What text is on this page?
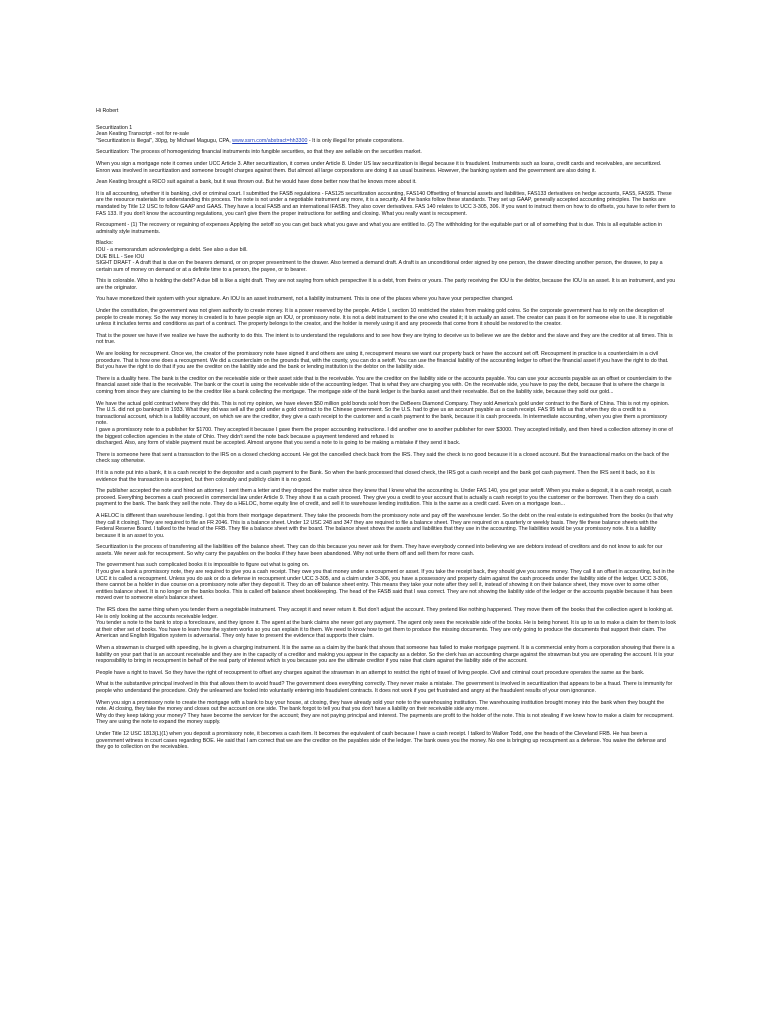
Hi Robert

Securitization 1
Jean Keating Transcript - not for re-sale
"Securitization is Illegal", 30pg, by Michael Magugu, CPA, www.ssrn.com/abstract=hh3300 - It is only illegal for private corporations.

Securitization: The process of homogenizing financial instruments into fungible securities, so that they are sellable on the securities market.

When you sign a mortgage note it comes under UCC Article 3. After securitization, it comes under Article 8. Under US law securitization is illegal because it is fraudulent. Instruments such as loans, credit cards and receivables, are securitized. Enron was involved in securitization and someone brought charges against them. But almost all large corporations are doing it as usual business. However, the banking system and the government are also doing it.

Jean Keating brought a RICO suit against a bank, but it was thrown out. But he would have done better now that he knows more about it.

It is all accounting, whether it is banking, civil or criminal court. I submitted the FASB regulations - FAS125 securitization accounting, FAS140 Offsetting of financial assets and liabilities, FAS133 derivatives on hedge accounts, FAS5, FAS95. These are the resource materials for understanding this process. The note is not under a negotiable instrument any more, it is a security. All the banks follow these standards. They set up GAAP, generally accepted accounting principles. The banks are mandated by Title 12 USC to follow GAAP and GAAS. They have a local FASB and an international IFASB. They also cover derivatives. FAS 140 relates to UCC 3-305, 306. If you want to instruct them on how to do offsets, you have to refer them to FAS 133. If you don't know the accounting regulations, you can't give them the proper instructions for settling and closing. What you really want is recoupment.

Recoupment - (1) The recovery or regaining of expenses Applying the setoff so you can get back what you gave and what you are entitled to. (2) The withholding for the equitable part or all of something that is due. This is all equitable action in admiralty style instruments.

Blacks:
IOU - a memorandum acknowledging a debt. See also a due bill.
DUE BILL - See IOU
SIGHT DRAFT - A draft that is due on the bearers demand, or on proper presentment to the drawer. Also termed a demand draft. A draft is an unconditional order signed by one person, the drawer directing another person, the drawee, to pay a certain sum of money on demand or at a definite time to a person, the payee, or to bearer.

This is colorable. Who is holding the debt? A due bill is like a sight draft. They are not saying from which perspective it is a debt, from theirs or yours. The party receiving the IOU is the debtor, because the IOU is an asset. It is an instrument, and you are the originator.

You have monetized their system with your signature. An IOU is an asset instrument, not a liability instrument. This is one of the places where you have your perspective changed.

Under the constitution, the government was not given authority to create money. It is a power reserved by the people. Article I, section 10 restricted the states from making gold coins. So the corporate government has to rely on the deception of people to create money. So the way money is created is to have people sign an IOU, or promissory note. It is not a debt instrument to the one who created it; it is actually an asset. The creator can pass it on for someone else to use. It is negotiable unless it includes terms and conditions as part of a contract. The property belongs to the creator, and the holder is merely using it and any proceeds that come from it should be restored to the creator.

That is the power we have if we realize we have the authority to do this. The intent is to understand the regulations and to see how they are trying to deceive us to believe we are the debtor and the slave and they are the creditor at all times. This is not true.

We are looking for recoupment. Once we, the creator of the promissory note have signed it and others are using it, recoupment means we want our property back or have the account set off. Recoupment in practice is a counterclaim in a civil procedure. That is how one does a recoupment. We did a counterclaim on the grounds that, with the county, you can do a setoff. You can use the financial liability of the accounting ledger to offset the financial asset if you have the right to do that. But you have the right to do that if you are the creditor on the liability side and the bank or lending institution is the debtor on the liability side.

There is a duality here. The bank is the creditor on the receivable side or their asset side that is the receivable. You are the creditor on the liability side or the accounts payable. You can use your accounts payable as an offset or counterclaim to the financial asset side that is the receivable. The bank or the court is using the receivable side of the accounting ledger. That is what they are charging you with. On the receivable side, you have to pay the debt, because that is where the charge is coming from since they are claiming to be the creditor like a bank collecting the mortgage. The mortgage side of the bank ledger is the banks asset and their receivable. But on the liability side, because they sold our gold...

We have the actual gold contract where they did this. This is not my opinion, we have eleven $50 million gold bonds sold from the DeBeers Diamond Company. They sold America's gold under contract to the Bank of China. This is not my opinion. The U.S. did not go bankrupt in 1933. What they did was sell all the gold under a gold contract to the Chinese government. So the U.S. had to give us an account payable as a cash receipt. FAS 95 tells us that when they do a credit to a transactional account, which is a liability account, on which we are the creditor, they give a cash receipt to the customer and a cash payment to the bank, because it is cash proceeds. In intermediate accounting, when you give them a promissory note.
I gave a promissory note to a publisher for $1700. They accepted it because I gave them the proper accounting instructions. I did another one to another publisher for over $3000. They accepted initially, and then hired a collection attorney in one of the biggest collection agencies in the state of Ohio. They didn't send the note back because a payment tendered and refused is
discharged. Also, any form of viable payment must be accepted. Almost anyone that you send a note to is going to be making a mistake if they send it back.

There is someone here that sent a transaction to the IRS on a closed checking account. He got the cancelled check back from the IRS. They said the check is no good because it is a closed account. But the transactional marks on the back of the check say otherwise.

If it is a note put into a bank, it is a cash receipt to the depositor and a cash payment to the Bank. So when the bank processed that closed check, the IRS got a cash receipt and the bank got cash payment. Then the IRS sent it back, so it is evidence that the transaction is accepted, but then colorably and publicly claim it is no good.

The publisher accepted the note and hired an attorney. I sent them a letter and they dropped the matter since they knew that I knew what the accounting is. Under FAS 140, you get your setoff. When you make a deposit, it is a cash receipt, a cash proceed. Everything becomes a cash proceed in commercial law under Article 9. They show it as a cash proceed. They give you a credit to your account that is actually a cash receipt to you the customer or the borrower. Then they do a cash payment to the bank. The bank they sell the note. They do a HELOC, home equity line of credit, and sell it to warehouse lending institution. This is the same as a credit card. Even on a mortgage loan...

A HELOC is different than warehouse lending. I got this from their mortgage department. They take the proceeds from the promissory note and pay off the warehouse lender. So the debt on the real estate is extinguished from the books (is that why they call it closing). They are required to file an FR 2046. This is a balance sheet. Under 12 USC 248 and 347 they are required to file a balance sheet. They are required on a quarterly or weekly basis. They file these balance sheets with the Federal Reserve Board. I talked to the head of the FRB. They file a balance sheet with the board. The balance sheet shows the assets and liabilities that they use in the accounting. The liabilities would be your promissory note. It is a liability because it is an asset to you.

Securitization is the process of transferring all the liabilities off the balance sheet. They can do this because you never ask for them. They have everybody conned into believing we are debtors instead of creditors and do not know to ask for our assets. We never ask for recoupment. So why carry the payables on the books if they have been abandoned. Why not write them off and sell them for more cash.

The government has such complicated books it is impossible to figure out what is going on.
If you give a bank a promissory note, they are required to give you a cash receipt. They owe you that money under a recoupment or asset. If you take the receipt back, they should give you some money. They call it an offset in accounting, but in the UCC it is called a recoupment. Unless you do ask or do a defense in recoupment under UCC 3-305, and a claim under 3-306, you have a possessory and property claim against the cash proceeds under the liability side of the ledger. UCC 3-306, there cannot be a holder in due course on a promissory note after they deposit it. They do an off balance sheet entry. This means they take your note after they sell it, instead of showing it on their balance sheet, they move over to some other entities balance sheet. It is no longer on the banks books. This is called off balance sheet bookkeeping. The head of the FASB said that I was correct. They are not showing the liability side of the ledger or the accounts payable because it has been moved over to someone else's balance sheet.

The IRS does the same thing when you tender them a negotiable instrument. They accept it and never return it. But don't adjust the account. They pretend like nothing happened. They move them off the books that the collection agent is looking at. He is only looking at the accounts receivable ledger.
You tender a note to the bank to stop a foreclosure, and they ignore it. The agent at the bank claims she never got any payment. The agent only sees the receivable side of the books. He is being honest. It is up to us to make a claim for them to look at their other set of books. You have to learn how the system works so you can explain it to them. We need to know how to get them to produce the missing documents. They are only going to produce the documents that support their claim. The American and English litigation system is adversarial. They only have to present the evidence that supports their claim.

When a strawman is charged with speeding, he is given a charging instrument. It is the same as a claim by the bank that shows that someone has failed to make mortgage payment. It is a commercial entry from a corporation showing that there is a liability on your part that is an account receivable and they are in the capacity of a creditor and making you appear in the capacity as a debtor. So the clerk has an accounting charge against the strawman but you are operating the account. It is your responsibility to bring in recoupment in behalf of the real party of interest which is you because you are the ultimate creditor if you raise that claim against the liability side of the account.

People have a right to travel. So they have the right of recoupment to offset any charges against the strawman in an attempt to restrict the right of travel of living people. Civil and criminal court procedure operates the same as the bank.

What is the substantive principal involved in this that allows them to avoid fraud? The government does everything correctly. They never make a mistake. The government is involved in securitization that appears to be a fraud. There is immunity for people who understand the procedure. Only the unlearned are fooled into voluntarily entering into fraudulent contracts. It does not work if you get frustrated and angry at the fraudulent results of your own ignorance.

When you sign a promissory note to create the mortgage with a bank to buy your house, at closing, they have already sold your note to the warehousing institution. The warehousing institution brought money into the bank when they bought the note. At closing, they take the money and closes out the account on one side. The bank forgot to tell you that you don't have a liability on their receivable side any more.
Why do they keep taking your money? They have become the servicer for the account; they are not paying principal and interest. The payments are profit to the holder of the note. This is not stealing if we knew how to make a claim for recoupment. They are using the note to expand the money supply.

Under Title 12 USC 1813(L)(1) when you deposit a promissory note, it becomes a cash item. It becomes the equivalent of cash because I have a cash receipt. I talked to Walker Todd, one the heads of the Cleveland FRB. He has been a government witness in court cases regarding BOE. He said that I am correct that we are the creditor on the payables side of the ledger. The bank owes you the money. No one is bringing up recoupment as a defense. You waive the defense and they go to collection on the receivables.
